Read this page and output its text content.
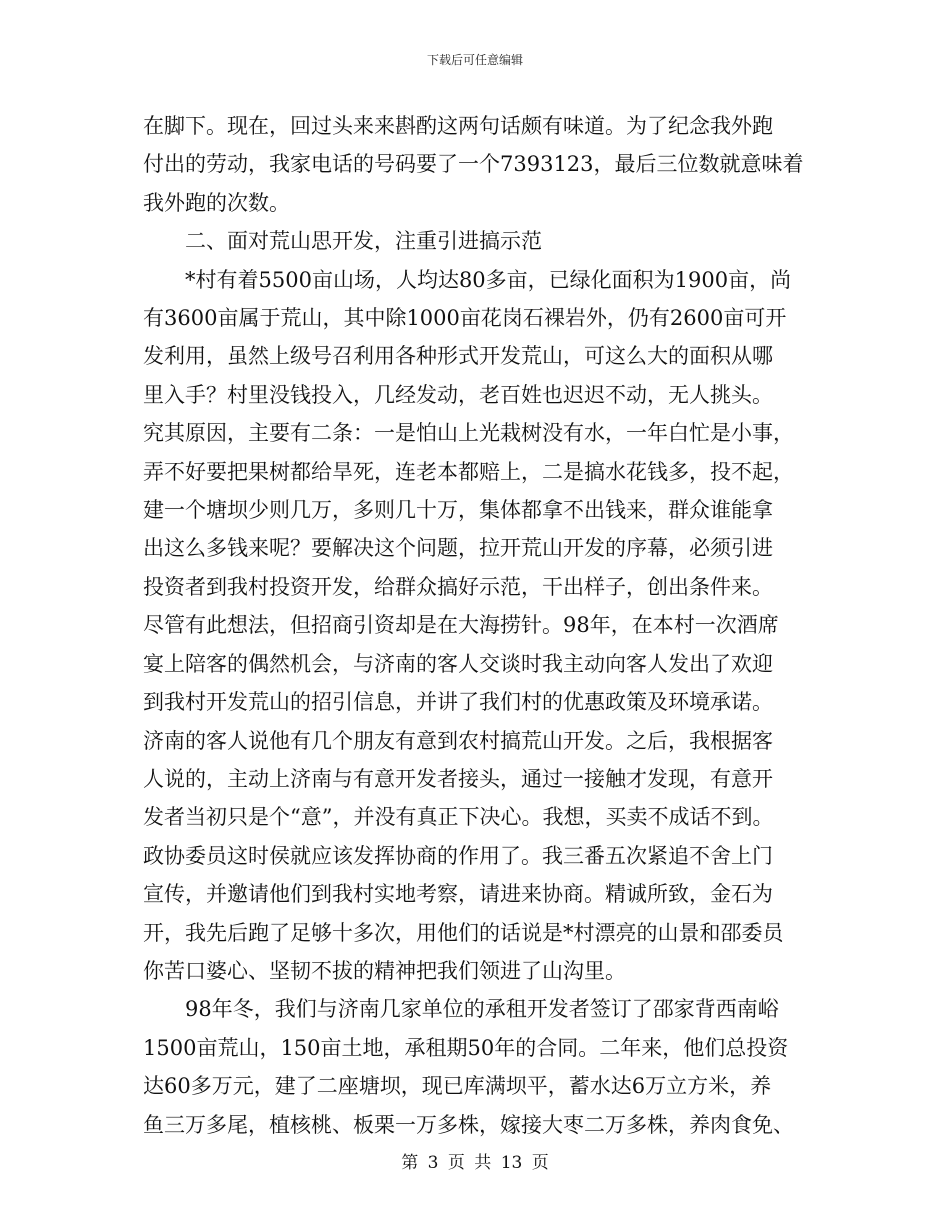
下载后可任意编辑

在脚下。现在，回过头来来斟酌这两句话颇有味道。为了纪念我外跑
付出的劳动，我家电话的号码要了一个7393123，最后三位数就意味着
我外跑的次数。

二、面对荒山思开发，注重引进搞示范

*村有着5500亩山场，人均达80多亩，已绿化面积为1900亩，尚
有3600亩属于荒山，其中除1000亩花岗石裸岩外，仍有2600亩可开
发利用，虽然上级号召利用各种形式开发荒山，可这么大的面积从哪
里入手？村里没钱投入，几经发动，老百姓也迟迟不动，无人挑头。
究其原因，主要有二条：一是怕山上光栽树没有水，一年白忙是小事，
弄不好要把果树都给旱死，连老本都赔上，二是搞水花钱多，投不起，
建一个塘坝少则几万，多则几十万，集体都拿不出钱来，群众谁能拿
出这么多钱来呢？要解决这个问题，拉开荒山开发的序幕，必须引进
投资者到我村投资开发，给群众搞好示范，干出样子，创出条件来。
尽管有此想法，但招商引资却是在大海捞针。98年，在本村一次酒席
宴上陪客的偶然机会，与济南的客人交谈时我主动向客人发出了欢迎
到我村开发荒山的招引信息，并讲了我们村的优惠政策及环境承诺。
济南的客人说他有几个朋友有意到农村搞荒山开发。之后，我根据客
人说的，主动上济南与有意开发者接头，通过一接触才发现，有意开
发者当初只是个“意”，并没有真正下决心。我想，买卖不成话不到。
政协委员这时侯就应该发挥协商的作用了。我三番五次紧追不舍上门
宣传，并邀请他们到我村实地考察，请进来协商。精诚所致，金石为
开，我先后跑了足够十多次，用他们的话说是*村漂亮的山景和邵委员
你苦口婆心、坚韧不拔的精神把我们领进了山沟里。

98年冬，我们与济南几家单位的承租开发者签订了邵家背西南峪
1500亩荒山，150亩土地，承租期50年的合同。二年来，他们总投资
达60多万元，建了二座塘坝，现已库满坝平，蓄水达6万立方米，养
鱼三万多尾，植核桃、板栗一万多株，嫁接大枣二万多株，养肉食免、

第 3 页 共 13 页
